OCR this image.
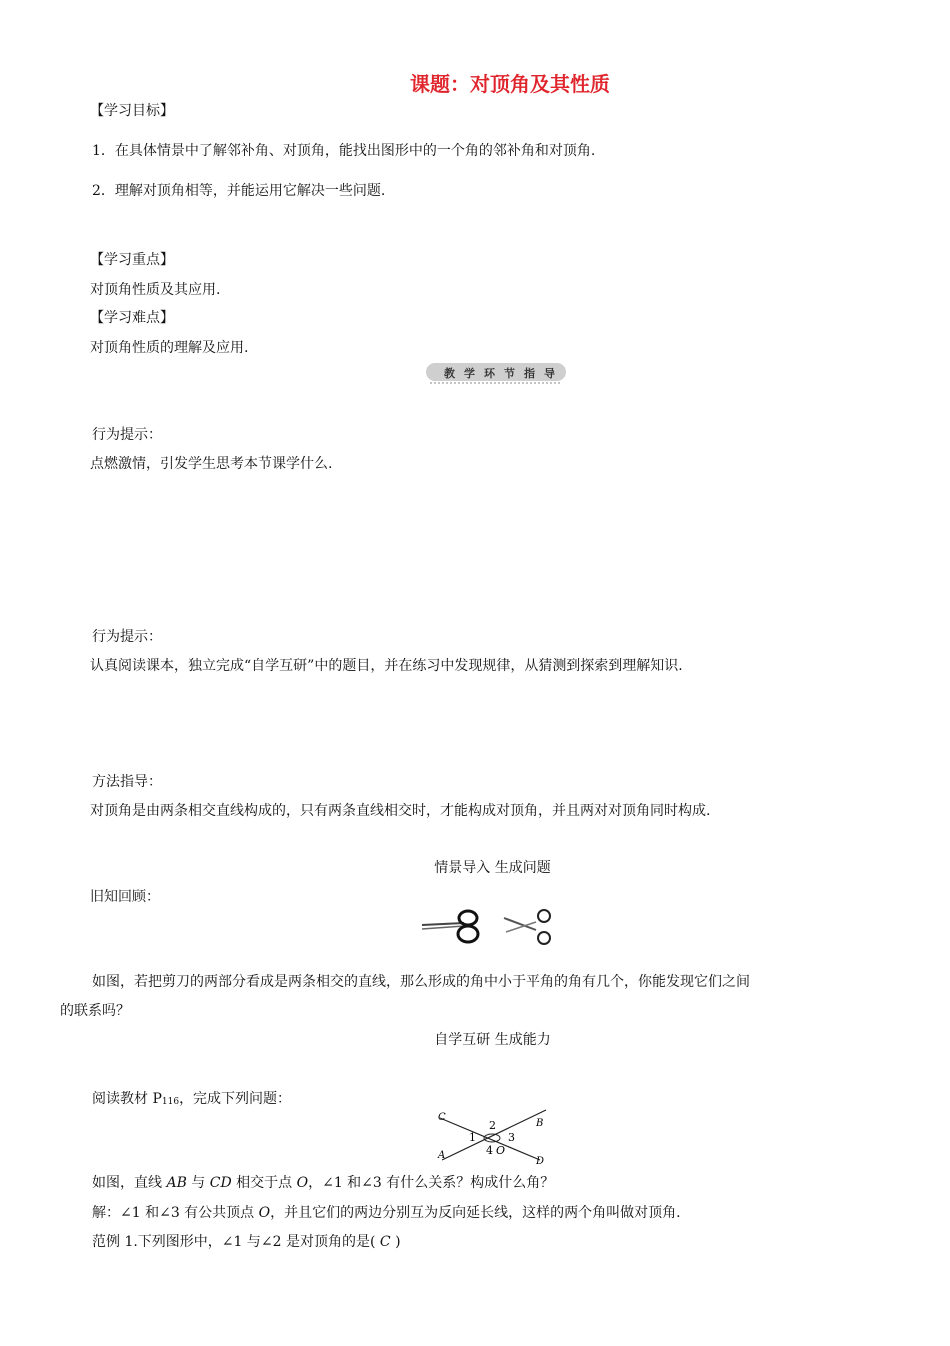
课题：对顶角及其性质
【学习目标】
1．在具体情景中了解邻补角、对顶角，能找出图形中的一个角的邻补角和对顶角.
2．理解对顶角相等，并能运用它解决一些问题.
【学习重点】
对顶角性质及其应用.
【学习难点】
对顶角性质的理解及应用.
教 学 环 节 指 导
行为提示：
点燃激情，引发学生思考本节课学什么.
行为提示：
认真阅读课本，独立完成“自学互研”中的题目，并在练习中发现规律，从猜测到探索到理解知识.
方法指导：
对顶角是由两条相交直线构成的，只有两条直线相交时，才能构成对顶角，并且两对对顶角同时构成.
情景导入 生成问题
旧知回顾：
如图，若把剪刀的两部分看成是两条相交的直线，那么形成的角中小于平角的角有几个，你能发现它们之间
的联系吗？
自学互研 生成能力
阅读教材 $P_{116}$，完成下列问题：
C
A
B
D
O
1
2
3
4
如图，直线 AB 与 CD 相交于点 O，∠1 和∠3 有什么关系？构成什么角？
解：∠1 和∠3 有公共顶点 O，并且它们的两边分别互为反向延长线，这样的两个角叫做对顶角.
范例 1.下列图形中，∠1 与∠2 是对顶角的是( C )
